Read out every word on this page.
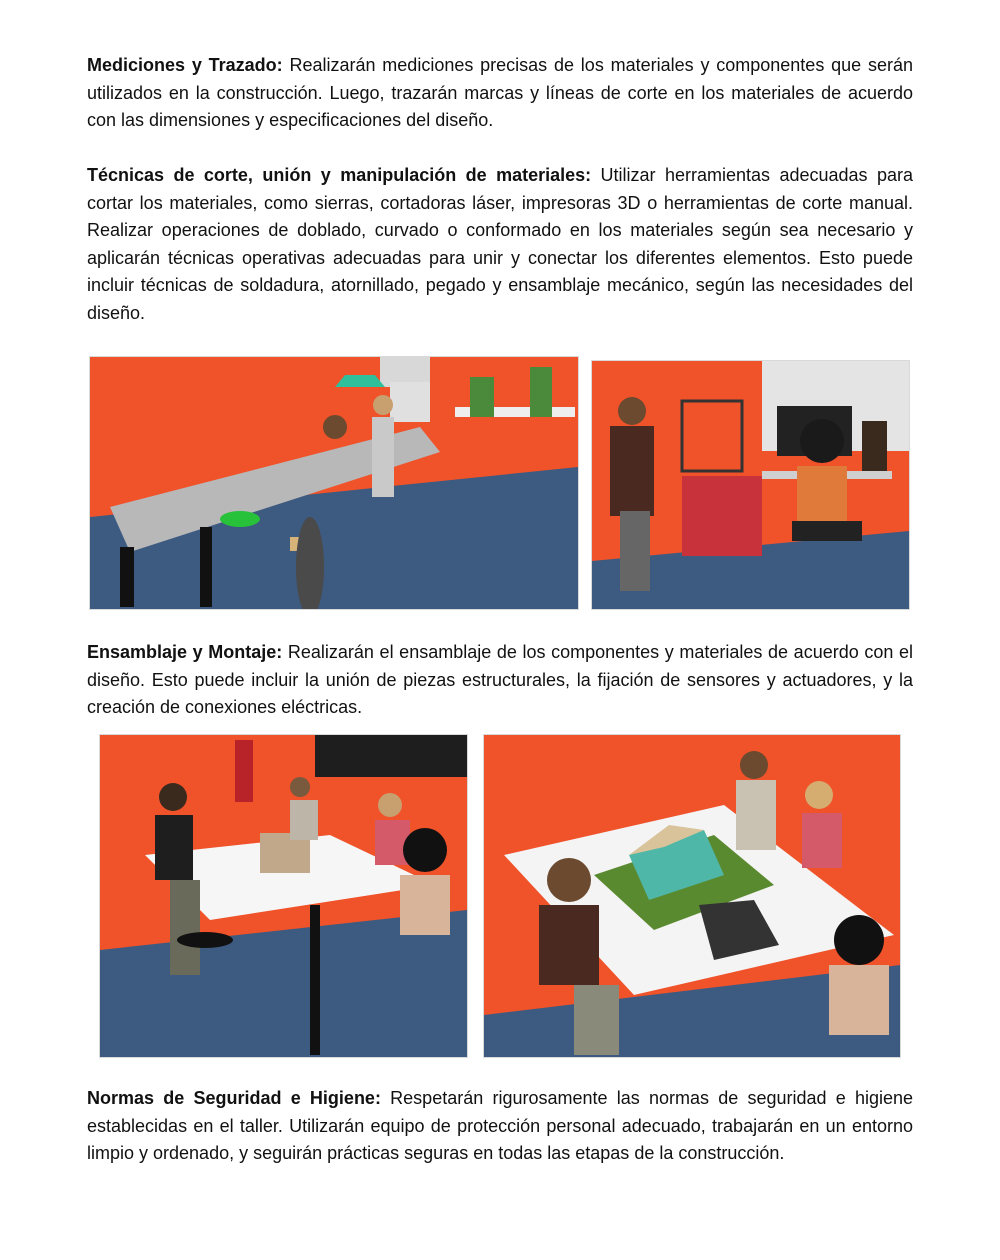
Mediciones y Trazado: Realizarán mediciones precisas de los materiales y componentes que serán utilizados en la construcción. Luego, trazarán marcas y líneas de corte en los materiales de acuerdo con las dimensiones y especificaciones del diseño.

Técnicas de corte, unión y manipulación de materiales: Utilizar herramientas adecuadas para cortar los materiales, como sierras, cortadoras láser, impresoras 3D o herramientas de corte manual. Realizar operaciones de doblado, curvado o conformado en los materiales según sea necesario y aplicarán técnicas operativas adecuadas para unir y conectar los diferentes elementos. Esto puede incluir técnicas de soldadura, atornillado, pegado y ensamblaje mecánico, según las necesidades del diseño.

Ensamblaje y Montaje: Realizarán el ensamblaje de los componentes y materiales de acuerdo con el diseño. Esto puede incluir la unión de piezas estructurales, la fijación de sensores y actuadores, y la creación de conexiones eléctricas.

Normas de Seguridad e Higiene: Respetarán rigurosamente las normas de seguridad e higiene establecidas en el taller. Utilizarán equipo de protección personal adecuado, trabajarán en un entorno limpio y ordenado, y seguirán prácticas seguras en todas las etapas de la construcción.
